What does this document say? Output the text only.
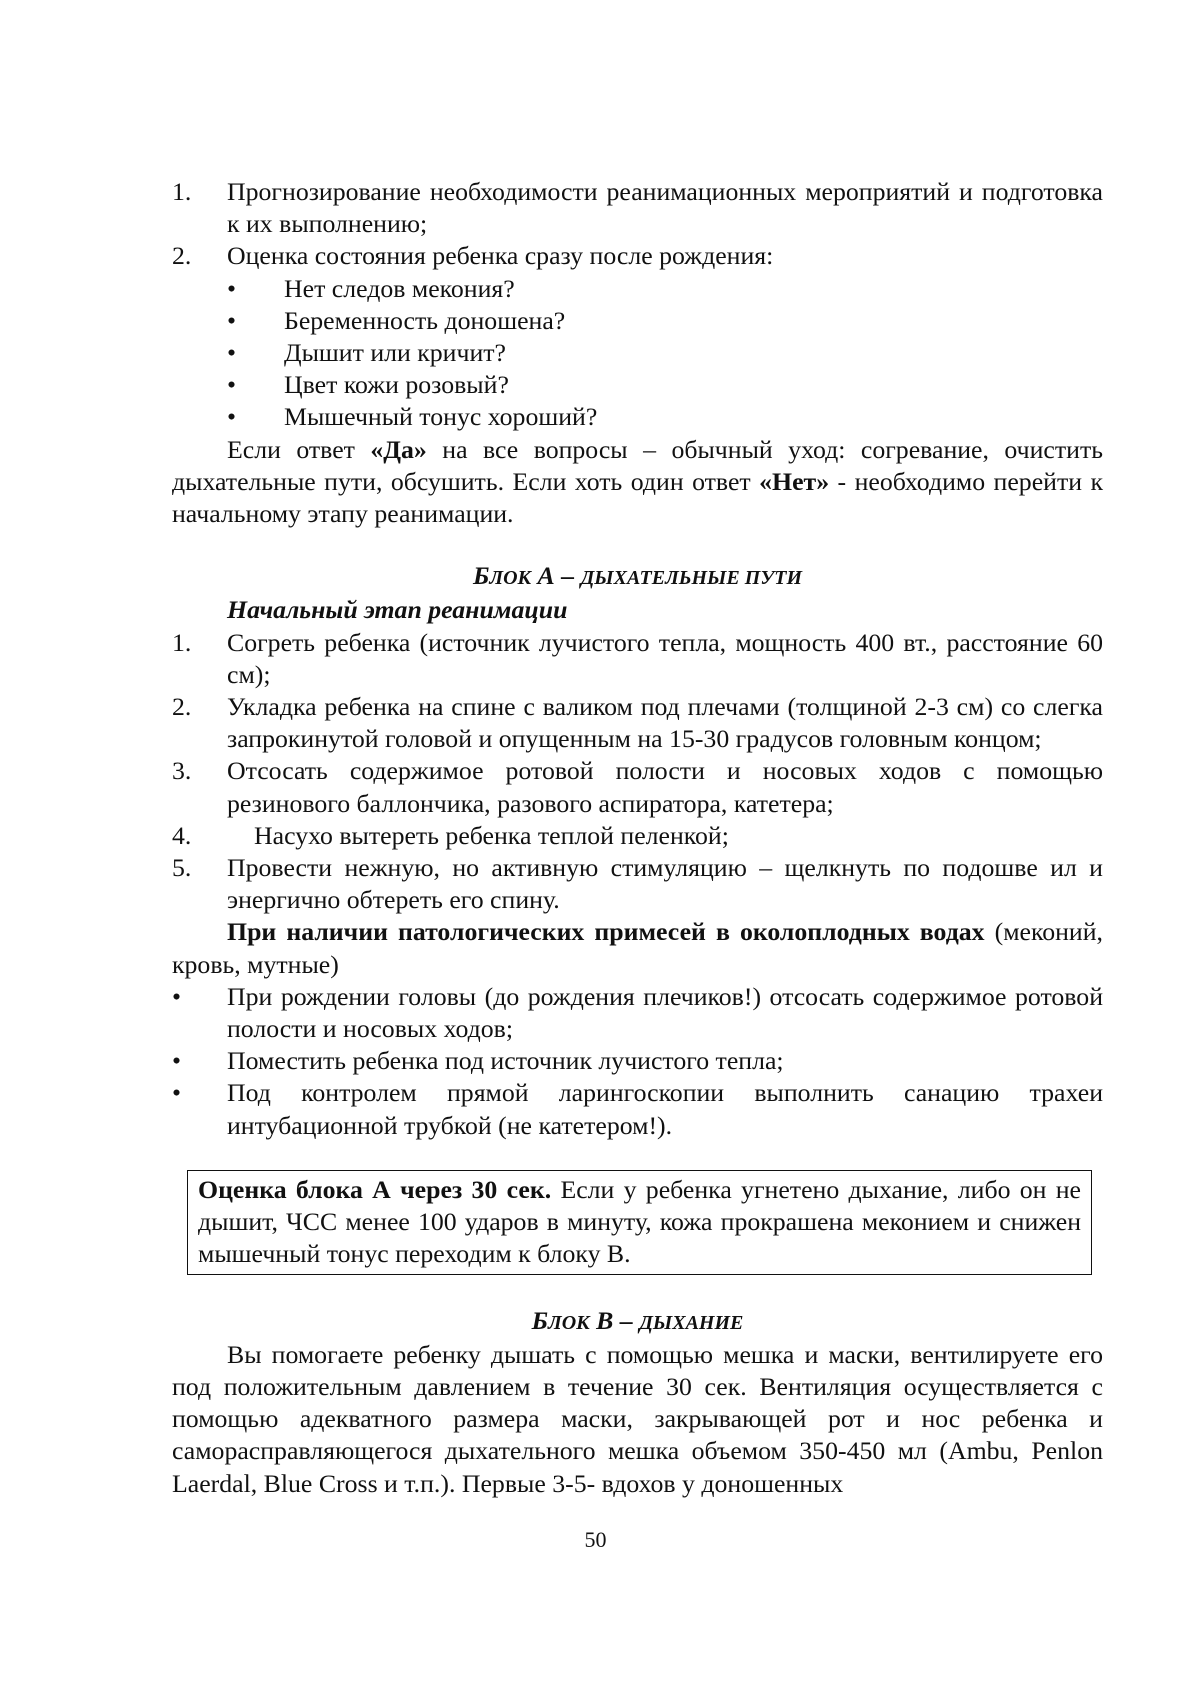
1.	Прогнозирование необходимости реанимационных мероприятий и подготовка к их выполнению;
2.	Оценка состояния ребенка сразу после рождения:
•	Нет следов мекония?
•	Беременность доношена?
•	Дышит или кричит?
•	Цвет кожи розовый?
•	Мышечный тонус хороший?
Если ответ «Да» на все вопросы – обычный уход: согревание, очистить дыхательные пути, обсушить. Если хоть один ответ «Нет» - необходимо перейти к начальному этапу реанимации.
БЛОК А – ДЫХАТЕЛЬНЫЕ ПУТИ
Начальный этап реанимации
1.	Согреть ребенка (источник лучистого тепла, мощность 400 вт., расстояние 60 см);
2.	Укладка ребенка на спине с валиком под плечами (толщиной 2-3 см) со слегка запрокинутой головой и опущенным на 15-30 градусов головным концом;
3.	Отсосать содержимое ротовой полости и носовых ходов с помощью резинового баллончика, разового аспиратора, катетера;
4.	Насухо вытереть ребенка теплой пеленкой;
5.	Провести нежную, но активную стимуляцию – щелкнуть по подошве ил и энергично обтереть его спину.
При наличии патологических примесей в околоплодных водах (меконий, кровь, мутные)
•	При рождении головы (до рождения плечиков!) отсосать содержимое ротовой полости и носовых ходов;
•	Поместить ребенка под источник лучистого тепла;
•	Под контролем прямой ларингоскопии выполнить санацию трахеи интубационной трубкой (не катетером!).
Оценка блока А через 30 сек. Если у ребенка угнетено дыхание, либо он не дышит, ЧСС менее 100 ударов в минуту, кожа прокрашена меконием и снижен мышечный тонус переходим к блоку В.
БЛОК В – ДЫХАНИЕ
Вы помогаете ребенку дышать с помощью мешка и маски, вентилируете его под положительным давлением в течение 30 сек. Вентиляция осуществляется с помощью адекватного размера маски, закрывающей рот и нос ребенка и саморасправляющегося дыхательного мешка объемом 350-450 мл (Ambu, Penlon Laerdal, Blue Cross и т.п.). Первые 3-5- вдохов у доношенных
50
